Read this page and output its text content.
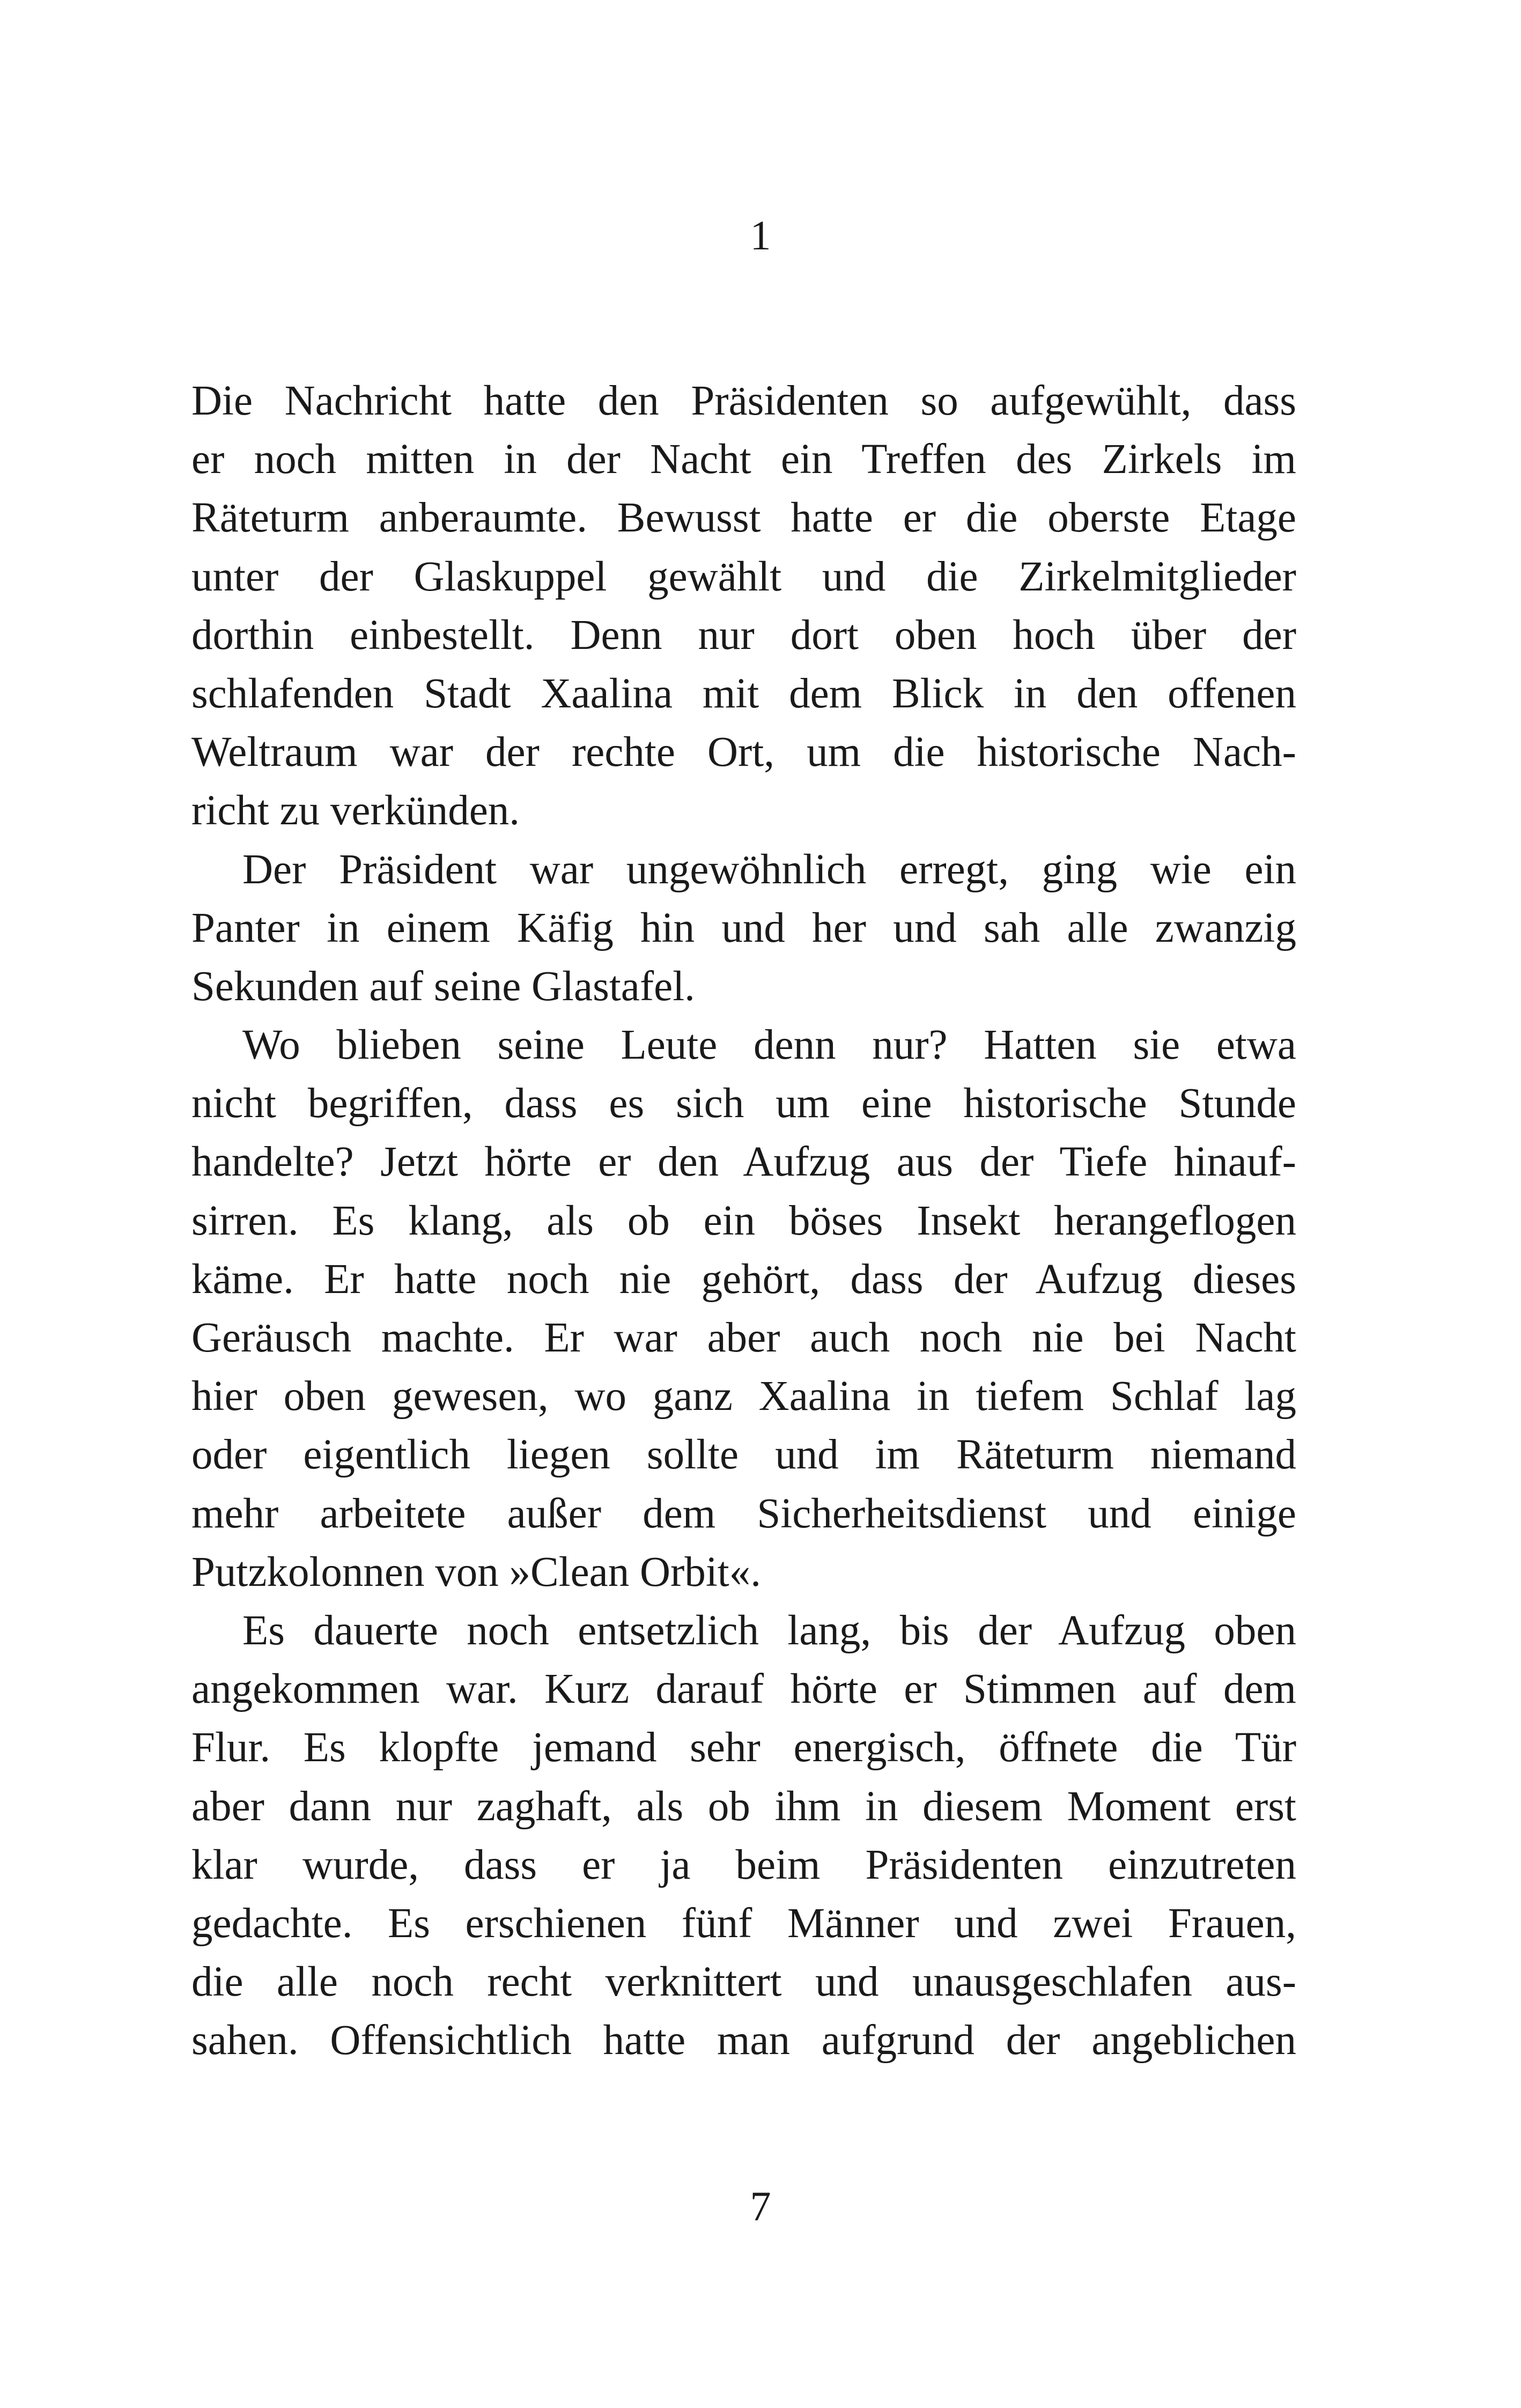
1
Die Nachricht hatte den Präsidenten so aufgewühlt, dass
er noch mitten in der Nacht ein Treffen des Zirkels im
Räteturm anberaumte. Bewusst hatte er die oberste Etage
unter der Glaskuppel gewählt und die Zirkelmitglieder
dorthin einbestellt. Denn nur dort oben hoch über der
schlafenden Stadt Xaalina mit dem Blick in den offenen
Weltraum war der rechte Ort, um die historische Nach-
richt zu verkünden.
Der Präsident war ungewöhnlich erregt, ging wie ein
Panter in einem Käfig hin und her und sah alle zwanzig
Sekunden auf seine Glastafel.
Wo blieben seine Leute denn nur? Hatten sie etwa
nicht begriffen, dass es sich um eine historische Stunde
handelte? Jetzt hörte er den Aufzug aus der Tiefe hinauf-
sirren. Es klang, als ob ein böses Insekt herangeflogen
käme. Er hatte noch nie gehört, dass der Aufzug dieses
Geräusch machte. Er war aber auch noch nie bei Nacht
hier oben gewesen, wo ganz Xaalina in tiefem Schlaf lag
oder eigentlich liegen sollte und im Räteturm niemand
mehr arbeitete außer dem Sicherheitsdienst und einige
Putzkolonnen von »Clean Orbit«.
Es dauerte noch entsetzlich lang, bis der Aufzug oben
angekommen war. Kurz darauf hörte er Stimmen auf dem
Flur. Es klopfte jemand sehr energisch, öffnete die Tür
aber dann nur zaghaft, als ob ihm in diesem Moment erst
klar wurde, dass er ja beim Präsidenten einzutreten
gedachte. Es erschienen fünf Männer und zwei Frauen,
die alle noch recht verknittert und unausgeschlafen aus-
sahen. Offensichtlich hatte man aufgrund der angeblichen
7
